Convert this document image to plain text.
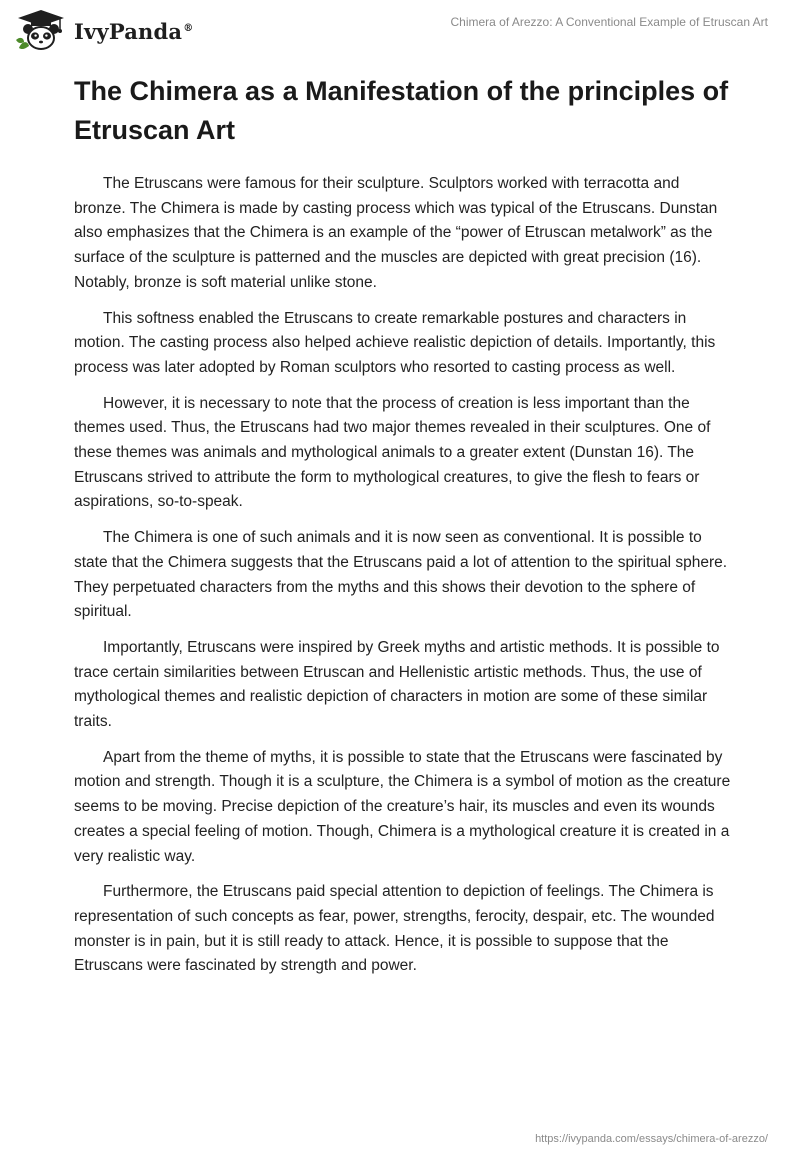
IvyPanda®	Chimera of Arezzo: A Conventional Example of Etruscan Art
The Chimera as a Manifestation of the principles of Etruscan Art

The Etruscans were famous for their sculpture. Sculptors worked with terracotta and bronze. The Chimera is made by casting process which was typical of the Etruscans. Dunstan also emphasizes that the Chimera is an example of the “power of Etruscan metalwork” as the surface of the sculpture is patterned and the muscles are depicted with great precision (16). Notably, bronze is soft material unlike stone.

This softness enabled the Etruscans to create remarkable postures and characters in motion. The casting process also helped achieve realistic depiction of details. Importantly, this process was later adopted by Roman sculptors who resorted to casting process as well.

However, it is necessary to note that the process of creation is less important than the themes used. Thus, the Etruscans had two major themes revealed in their sculptures. One of these themes was animals and mythological animals to a greater extent (Dunstan 16). The Etruscans strived to attribute the form to mythological creatures, to give the flesh to fears or aspirations, so-to-speak.

The Chimera is one of such animals and it is now seen as conventional. It is possible to state that the Chimera suggests that the Etruscans paid a lot of attention to the spiritual sphere. They perpetuated characters from the myths and this shows their devotion to the sphere of spiritual.

Importantly, Etruscans were inspired by Greek myths and artistic methods. It is possible to trace certain similarities between Etruscan and Hellenistic artistic methods. Thus, the use of mythological themes and realistic depiction of characters in motion are some of these similar traits.

Apart from the theme of myths, it is possible to state that the Etruscans were fascinated by motion and strength. Though it is a sculpture, the Chimera is a symbol of motion as the creature seems to be moving. Precise depiction of the creature’s hair, its muscles and even its wounds creates a special feeling of motion. Though, Chimera is a mythological creature it is created in a very realistic way.

Furthermore, the Etruscans paid special attention to depiction of feelings. The Chimera is representation of such concepts as fear, power, strengths, ferocity, despair, etc. The wounded monster is in pain, but it is still ready to attack. Hence, it is possible to suppose that the Etruscans were fascinated by strength and power.

https://ivypanda.com/essays/chimera-of-arezzo/
